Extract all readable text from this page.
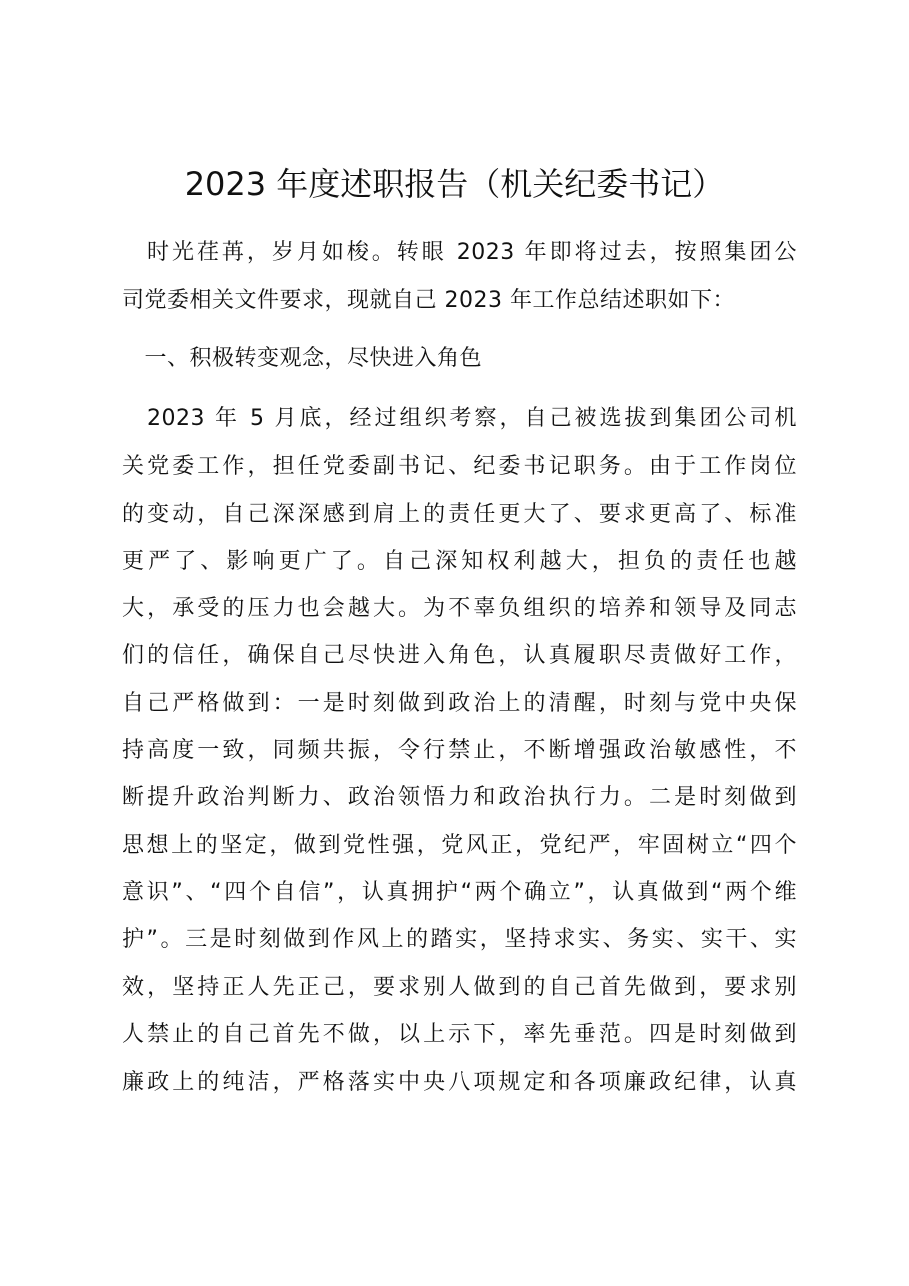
2023 年度述职报告（机关纪委书记）
　时光荏苒，岁月如梭。转眼 2023 年即将过去，按照集团公
司党委相关文件要求，现就自己 2023 年工作总结述职如下：
　一、积极转变观念，尽快进入角色
　2023 年 5 月底，经过组织考察，自己被选拔到集团公司机
关党委工作，担任党委副书记、纪委书记职务。由于工作岗位
的变动，自己深深感到肩上的责任更大了、要求更高了、标准
更严了、影响更广了。自己深知权利越大，担负的责任也越
大，承受的压力也会越大。为不辜负组织的培养和领导及同志
们的信任，确保自己尽快进入角色，认真履职尽责做好工作，
自己严格做到：一是时刻做到政治上的清醒，时刻与党中央保
持高度一致，同频共振，令行禁止，不断增强政治敏感性，不
断提升政治判断力、政治领悟力和政治执行力。二是时刻做到
思想上的坚定，做到党性强，党风正，党纪严，牢固树立“四个
意识”、“四个自信”，认真拥护“两个确立”，认真做到“两个维
护”。三是时刻做到作风上的踏实，坚持求实、务实、实干、实
效，坚持正人先正己，要求别人做到的自己首先做到，要求别
人禁止的自己首先不做，以上示下，率先垂范。四是时刻做到
廉政上的纯洁，严格落实中央八项规定和各项廉政纪律，认真
